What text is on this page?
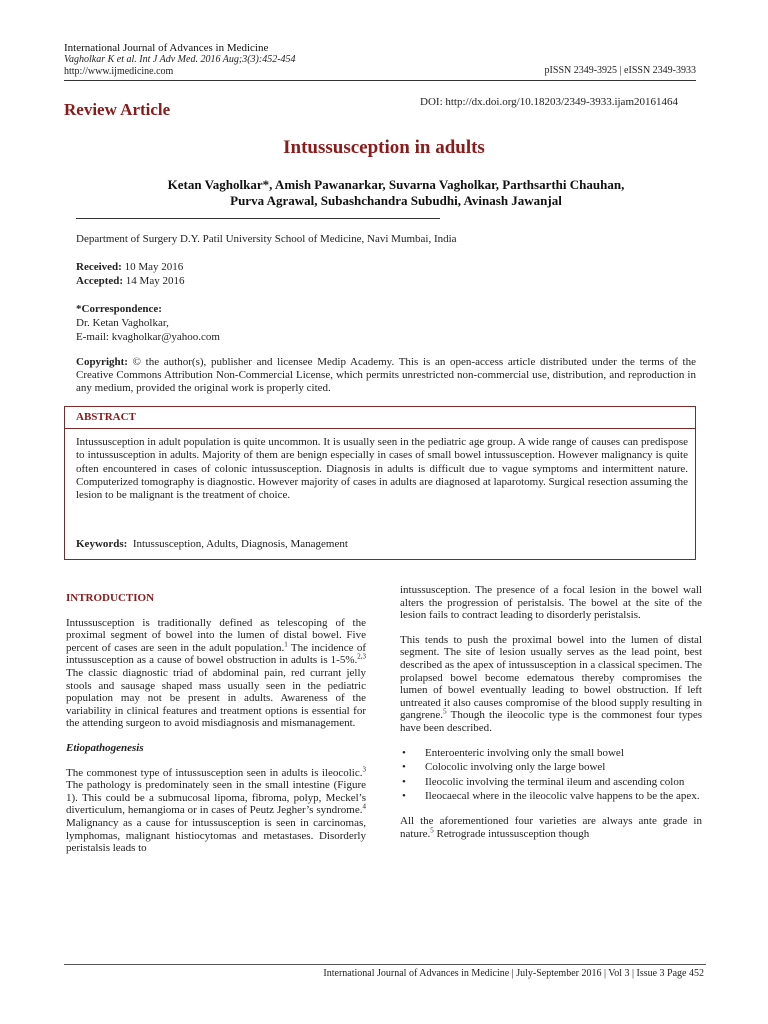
International Journal of Advances in Medicine
Vagholkar K et al. Int J Adv Med. 2016 Aug;3(3):452-454
http://www.ijmedicine.com	pISSN 2349-3925 | eISSN 2349-3933
Review Article	DOI: http://dx.doi.org/10.18203/2349-3933.ijam20161464
Intussusception in adults
Ketan Vagholkar*, Amish Pawanarkar, Suvarna Vagholkar, Parthsarthi Chauhan,
Purva Agrawal, Subashchandra Subudhi, Avinash Jawanjal
Department of Surgery D.Y. Patil University School of Medicine, Navi Mumbai, India
Received: 10 May 2016
Accepted: 14 May 2016
*Correspondence:
Dr. Ketan Vagholkar,
E-mail: kvagholkar@yahoo.com
Copyright: © the author(s), publisher and licensee Medip Academy. This is an open-access article distributed under the terms of the Creative Commons Attribution Non-Commercial License, which permits unrestricted non-commercial use, distribution, and reproduction in any medium, provided the original work is properly cited.
ABSTRACT
Intussusception in adult population is quite uncommon. It is usually seen in the pediatric age group. A wide range of causes can predispose to intussusception in adults. Majority of them are benign especially in cases of small bowel intussusception. However malignancy is quite often encountered in cases of colonic intussusception. Diagnosis in adults is difficult due to vague symptoms and intermittent nature. Computerized tomography is diagnostic. However majority of cases in adults are diagnosed at laparotomy. Surgical resection assuming the lesion to be malignant is the treatment of choice.
Keywords: Intussusception, Adults, Diagnosis, Management
INTRODUCTION

Intussusception is traditionally defined as telescoping of the proximal segment of bowel into the lumen of distal bowel. Five percent of cases are seen in the adult population.$^1$ The incidence of intussusception as a cause of bowel obstruction in adults is 1-5%.$^{2,3}$ The classic diagnostic triad of abdominal pain, red currant jelly stools and sausage shaped mass usually seen in the pediatric population may not be present in adults. Awareness of the variability in clinical features and treatment options is essential for the attending surgeon to avoid misdiagnosis and mismanagement.

Etiopathogenesis

The commonest type of intussusception seen in adults is ileocolic.$^3$ The pathology is predominately seen in the small intestine (Figure 1). This could be a submucosal lipoma, fibroma, polyp, Meckel’s diverticulum, hemangioma or in cases of Peutz Jegher’s syndrome.$^4$ Malignancy as a cause for intussusception is seen in carcinomas, lymphomas, malignant histiocytomas and metastases. Disorderly peristalsis leads to

intussusception. The presence of a focal lesion in the bowel wall alters the progression of peristalsis. The bowel at the site of the lesion fails to contract leading to disorderly peristalsis.

This tends to push the proximal bowel into the lumen of distal segment. The site of lesion usually serves as the lead point, best described as the apex of intussusception in a classical specimen. The prolapsed bowel become edematous thereby compromises the lumen of bowel eventually leading to bowel obstruction. If left untreated it also causes compromise of the blood supply resulting in gangrene.$^5$ Though the ileocolic type is the commonest four types have been described.

• Enteroenteric involving only the small bowel
• Colocolic involving only the large bowel
• Ileocolic involving the terminal ileum and ascending colon
• Ileocaecal where in the ileocolic valve happens to be the apex.

All the aforementioned four varieties are always ante grade in nature.$^5$ Retrograde intussusception though

International Journal of Advances in Medicine | July-September 2016 | Vol 3 | Issue 3 Page 452
